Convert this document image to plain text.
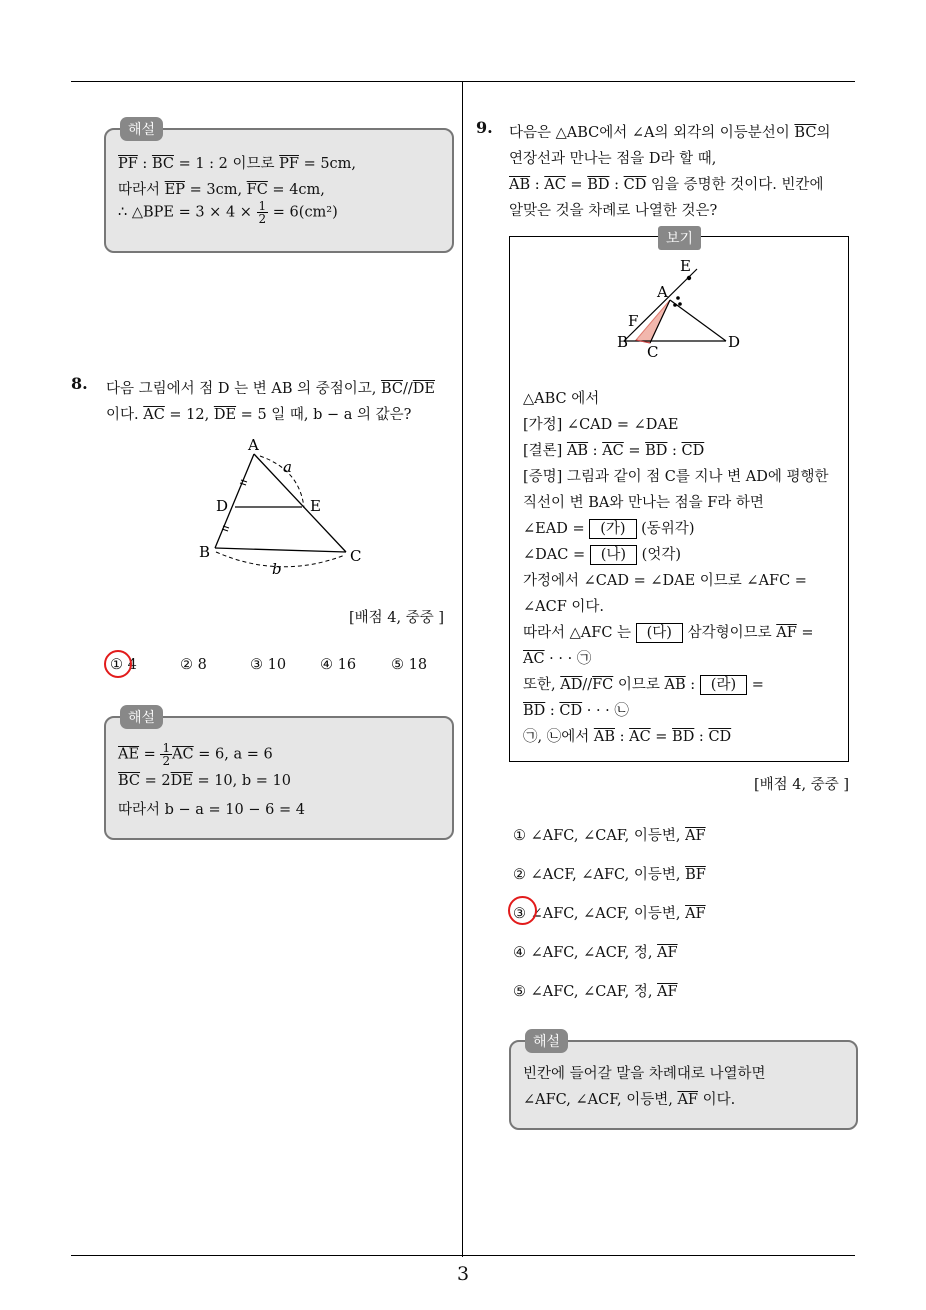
3
해설
$\overline{PF}$ : $\overline{BC} = 1$ : 2 이므로 $\overline{PF} = 5cm$,
따라서 $\overline{EP} = 3cm$, $\overline{FC} = 4cm$,
∴ △BPE = $3 \times 4 \times \frac{1}{2} = 6(cm^2)$
8. 다음 그림에서 점 D 는 변 AB 의 중점이고, $\overline{BC}//\overline{DE}$
이다. $\overline{AC} = 12$, $\overline{DE} = 5$ 일 때, b − a 의 값은?
A
D	E
B	C
a
b
[배점 4, 중중 ]
① 4	② 8	③ 10 ④ 16 ⑤ 18
해설
$\overline{AE} = \frac{1}{2} \overline{AC} = 6$, a = 6
$\overline{BC} = 2\overline{DE} = 10$, b = 10
따라서 b − a = 10 − 6 = 4
9. 다음은 △ABC에서 ∠A의 외각의 이등분선이 $\overline{BC}$의
연장선과 만나는 점을 D라 할 때,
$\overline{AB}$ : $\overline{AC} = \overline{BD}$ : $\overline{CD}$ 임을 증명한 것이다. 빈칸에
알맞은 것을 차례로 나열한 것은?
보기
E
A
F
B
C
D
△ABC 에서
[가정] ∠CAD = ∠DAE
[결론] $\overline{AB}$ : $\overline{AC} = \overline{BD}$ : $\overline{CD}$
[증명] 그림과 같이 점 C를 지나 변 AD에 평행한
직선이 변 BA와 만나는 점을 F라 하면
∠EAD = (가) (동위각)
∠DAC = (나) (엇각)
가정에서 ∠CAD = ∠DAE 이므로 ∠AFC =
∠ACF 이다.
따라서 △AFC 는 (다) 삼각형이므로 $\overline{AF}$ =
$\overline{AC}$ · · · ㉠
또한, $\overline{AD}//\overline{FC}$ 이므로 $\overline{AB}$ : (라) =
$\overline{BD}$ : $\overline{CD}$ · · · ㉡
㉠, ㉡에서 $\overline{AB}$ : $\overline{AC} = \overline{BD}$ : $\overline{CD}$
[배점 4, 중중 ]
① ∠AFC, ∠CAF, 이등변, $\overline{AF}$
② ∠ACF, ∠AFC, 이등변, $\overline{BF}$
③ ∠AFC, ∠ACF, 이등변, $\overline{AF}$
④ ∠AFC, ∠ACF, 정, $\overline{AF}$
⑤ ∠AFC, ∠CAF, 정, $\overline{AF}$
해설
빈칸에 들어갈 말을 차례대로 나열하면
∠AFC, ∠ACF, 이등변, $\overline{AF}$ 이다.
